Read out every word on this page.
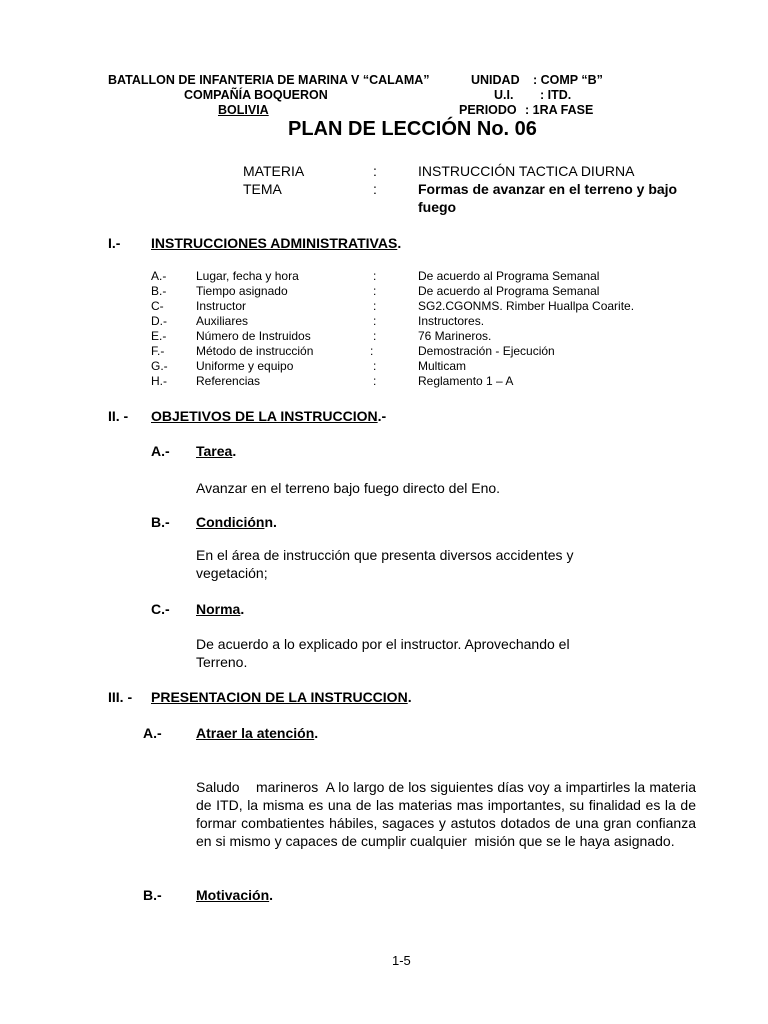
BATALLON DE INFANTERIA DE MARINA V “CALAMA”	UNIDAD : COMP “B”
COMPAÑÍA BOQUERON	U.I. : ITD.
BOLIVIA	PERIODO : 1RA FASE
PLAN DE LECCIÓN No. 06
MATERIA	:	INSTRUCCIÓN TACTICA DIURNA
TEMA	:	Formas de avanzar en el terreno y bajo
fuego
I.- INSTRUCCIONES ADMINISTRATIVAS.
A.- Lugar, fecha y hora	:	De acuerdo al Programa Semanal
B.- Tiempo asignado	:	De acuerdo al Programa Semanal
C-	Instructor	:	SG2.CGONMS. Rimber Huallpa Coarite.
D.- Auxiliares	:	Instructores.
E.- Número de Instruidos	:	76 Marineros.
F.-	Método de instrucción	:	Demostración - Ejecución
G.- Uniforme y equipo	:	Multicam
H.- Referencias	:	Reglamento 1 – A
II. - OBJETIVOS DE LA INSTRUCCION.-
A.- Tarea.
Avanzar en el terreno bajo fuego directo del Eno.
B.- Condiciónn.
En el área de instrucción que presenta diversos accidentes y
vegetación;
C.- Norma.
De acuerdo a lo explicado por el instructor. Aprovechando el
Terreno.
III. - PRESENTACION DE LA INSTRUCCION.
A.- Atraer la atención.
Saludo    marineros  A lo largo de los siguientes días voy a impartirles la materia de ITD, la misma es una de las materias mas importantes, su finalidad es la de formar combatientes hábiles, sagaces y astutos dotados de una gran confianza en si mismo y capaces de cumplir cualquier  misión que se le haya asignado.
B.- Motivación.
1-5
